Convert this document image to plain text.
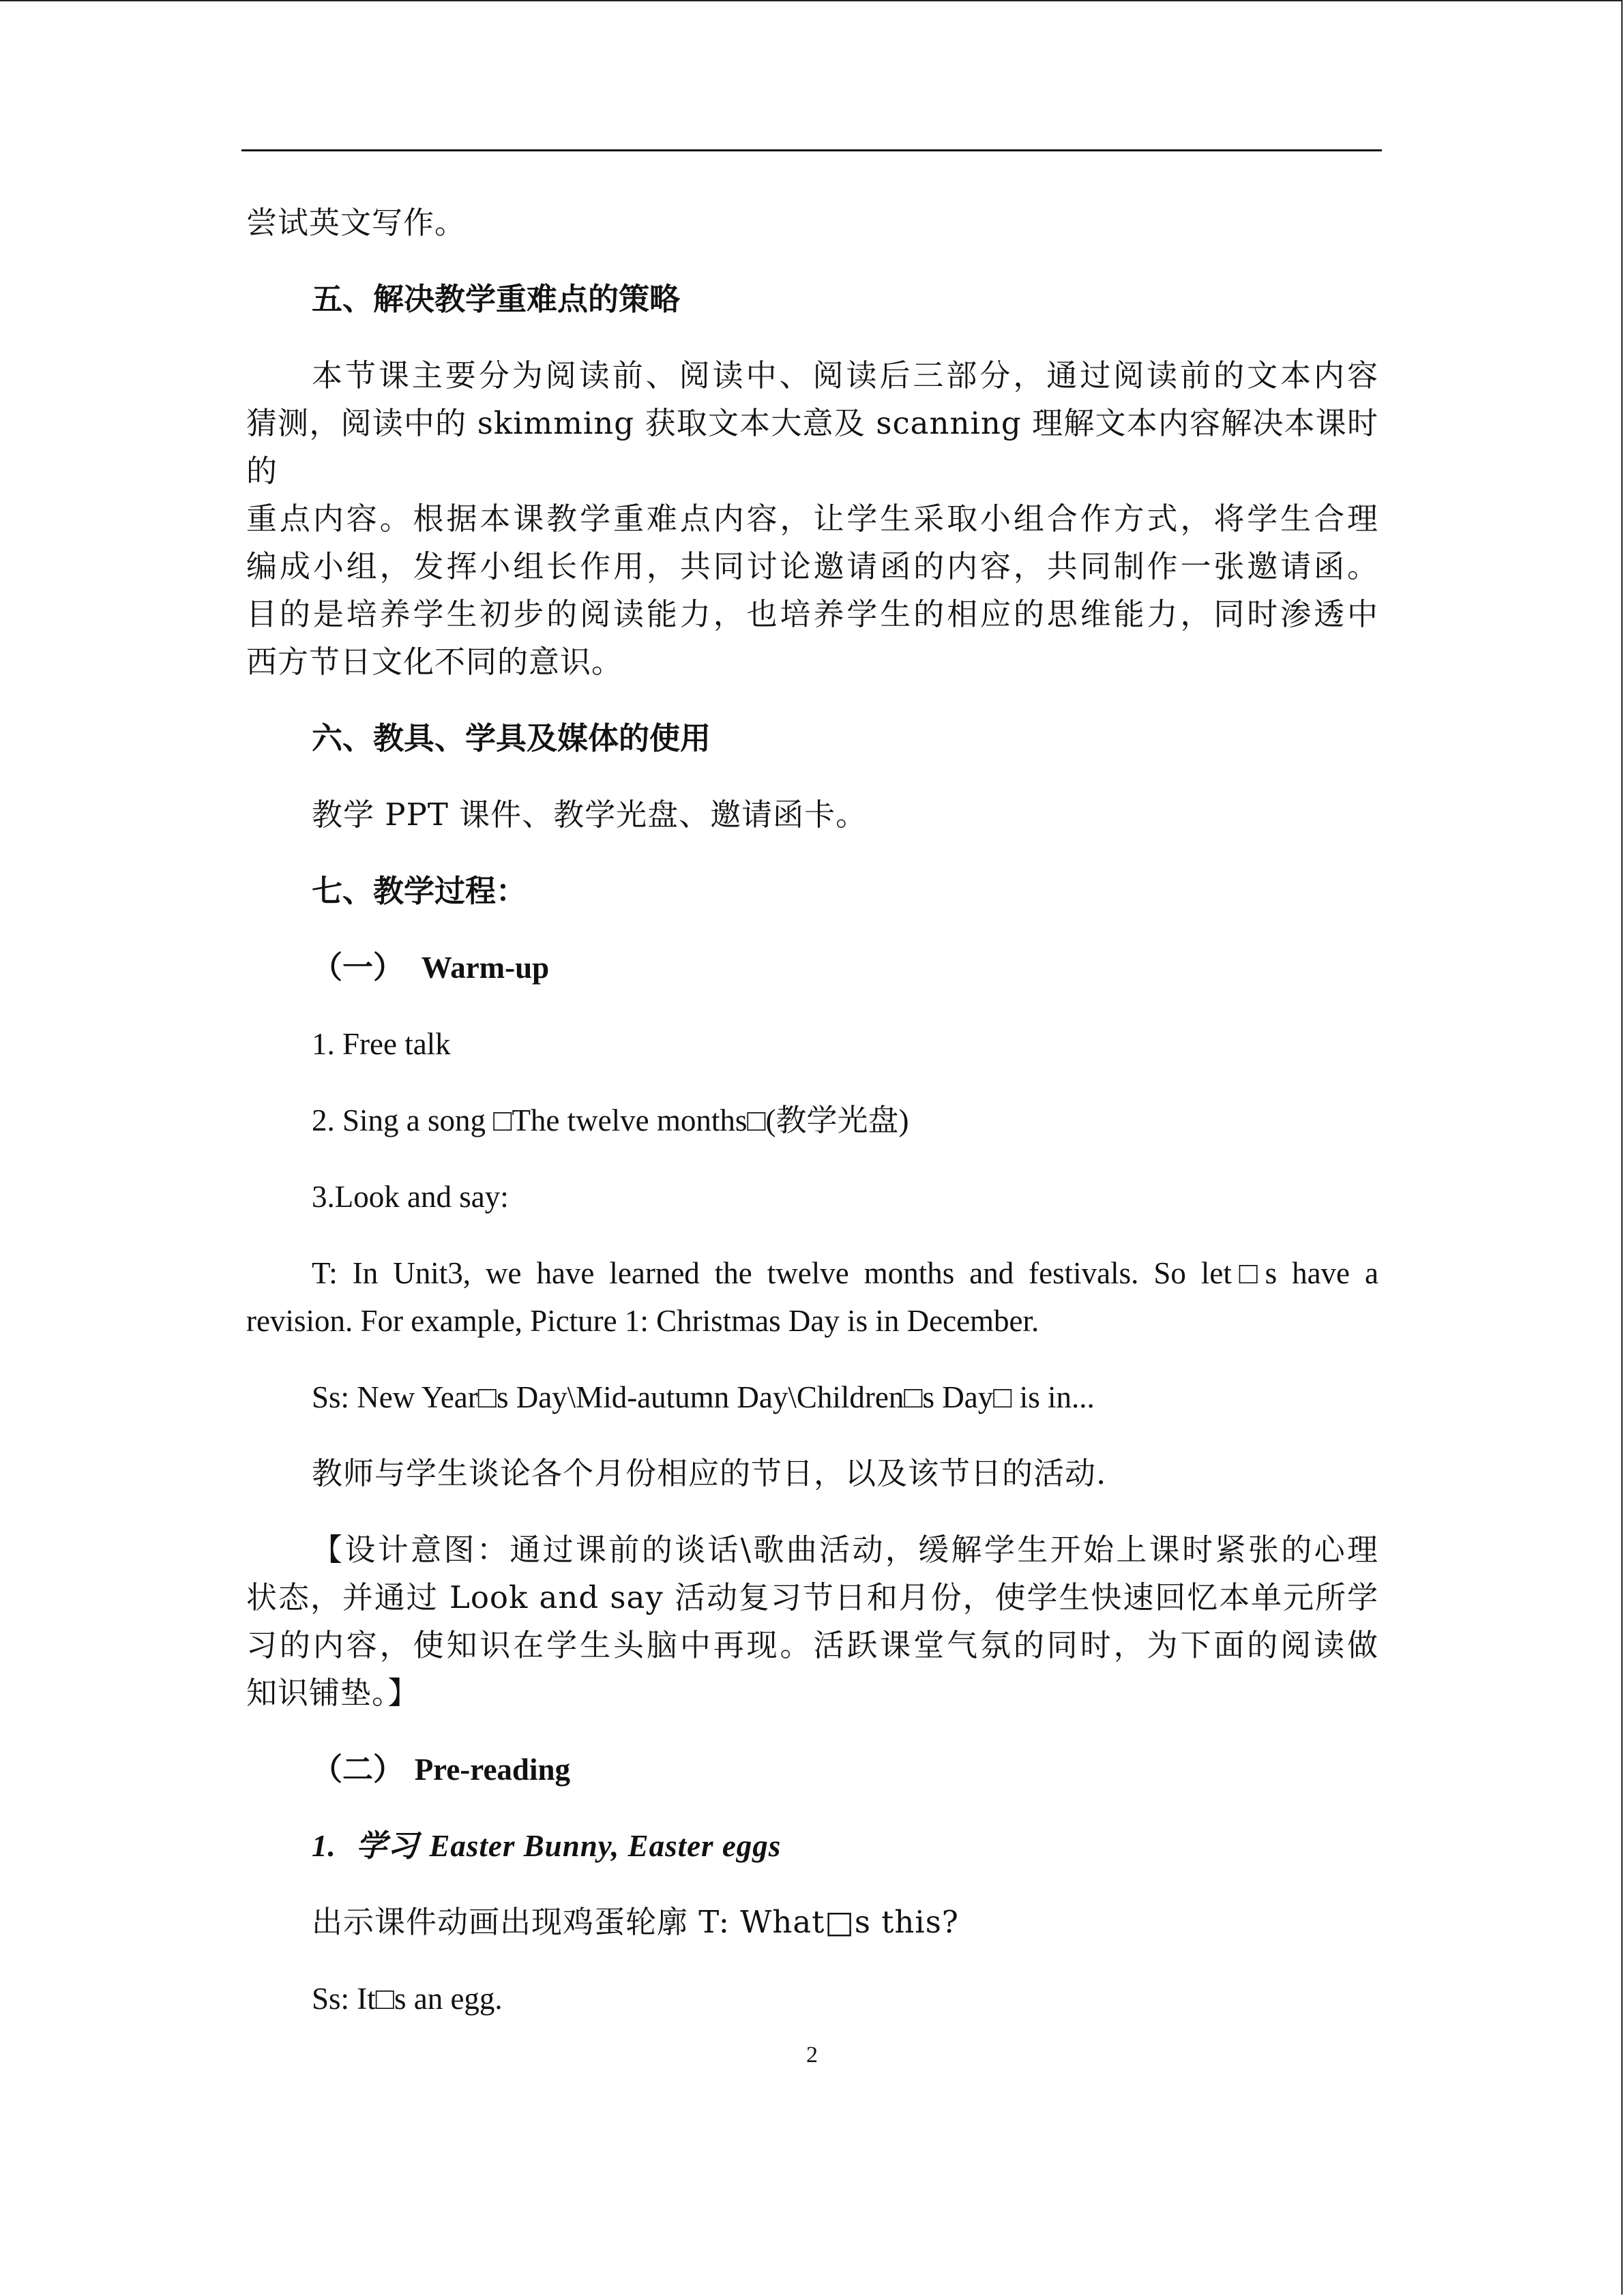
尝试英文写作。
五、解决教学重难点的策略
本节课主要分为阅读前、阅读中、阅读后三部分，通过阅读前的文本内容
猜测，阅读中的 skimming 获取文本大意及 scanning 理解文本内容解决本课时的
重点内容。根据本课教学重难点内容，让学生采取小组合作方式，将学生合理
编成小组，发挥小组长作用，共同讨论邀请函的内容，共同制作一张邀请函。
目的是培养学生初步的阅读能力，也培养学生的相应的思维能力，同时渗透中
西方节日文化不同的意识。
六、教具、学具及媒体的使用
教学 PPT 课件、教学光盘、邀请函卡。
七、教学过程：
（一） Warm-up
1. Free talk
2. Sing a song □The twelve months□(教学光盘)
3.Look and say:
T: In Unit3, we have learned the twelve months and festivals. So let□s have a
revision. For example, Picture 1: Christmas Day is in December.
Ss: New Year□s Day\Mid-autumn Day\Children□s Day□ is in...
教师与学生谈论各个月份相应的节日，以及该节日的活动.
【设计意图：通过课前的谈话\歌曲活动，缓解学生开始上课时紧张的心理
状态，并通过 Look and say 活动复习节日和月份，使学生快速回忆本单元所学
习的内容，使知识在学生头脑中再现。活跃课堂气氛的同时，为下面的阅读做
知识铺垫。】
（二） Pre-reading
1. 学习 Easter Bunny, Easter eggs
出示课件动画出现鸡蛋轮廓 T: What□s this?
Ss: It□s an egg.
2
